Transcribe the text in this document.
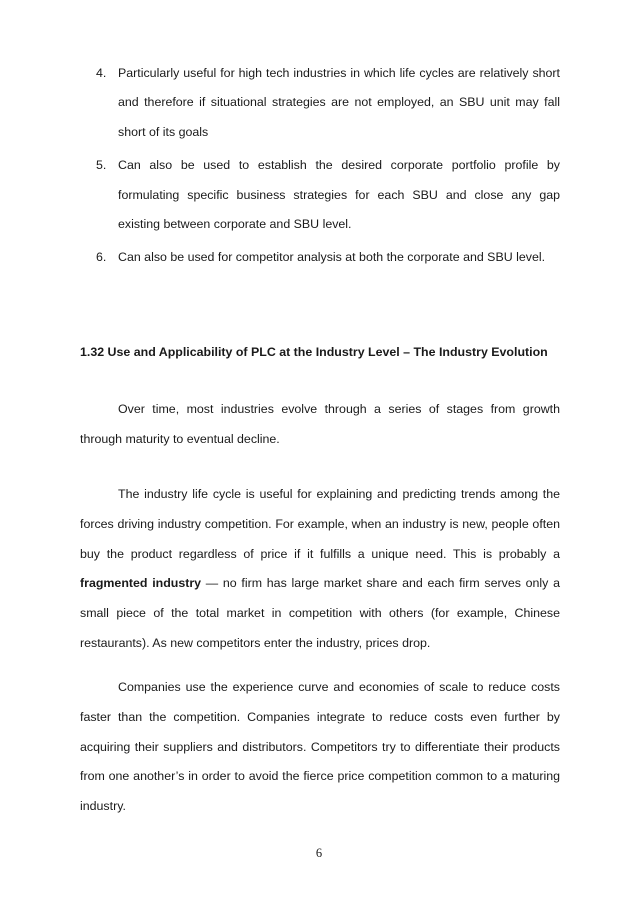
4. Particularly useful for high tech industries in which life cycles are relatively short and therefore if situational strategies are not employed, an SBU unit may fall short of its goals
5. Can also be used to establish the desired corporate portfolio profile by formulating specific business strategies for each SBU and close any gap existing between corporate and SBU level.
6. Can also be used for competitor analysis at both the corporate and SBU level.
1.32 Use and Applicability of PLC at the Industry Level – The Industry Evolution

Over time, most industries evolve through a series of stages from growth through maturity to eventual decline.

The industry life cycle is useful for explaining and predicting trends among the forces driving industry competition. For example, when an industry is new, people often buy the product regardless of price if it fulfills a unique need. This is probably a fragmented industry — no firm has large market share and each firm serves only a small piece of the total market in competition with others (for example, Chinese restaurants). As new competitors enter the industry, prices drop.

Companies use the experience curve and economies of scale to reduce costs faster than the competition. Companies integrate to reduce costs even further by acquiring their suppliers and distributors. Competitors try to differentiate their products from one another’s in order to avoid the fierce price competition common to a maturing industry.

6
